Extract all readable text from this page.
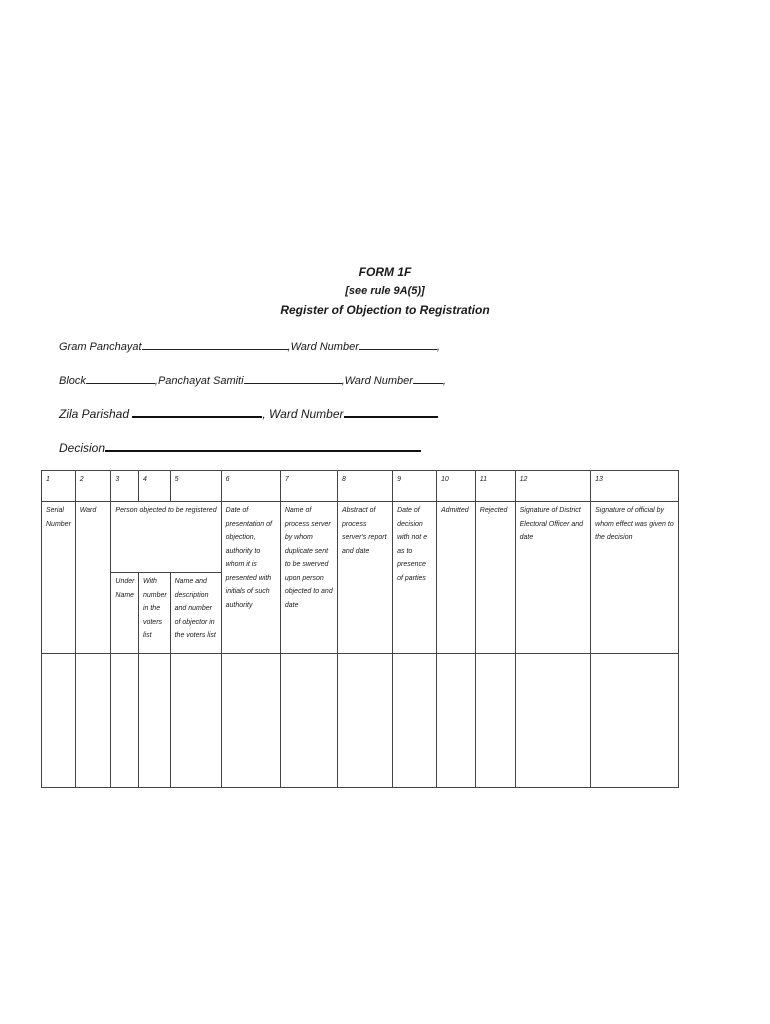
FORM 1F
[see rule 9A(5)]
Register of Objection to Registration
Gram Panchayat	,Ward Number	,
Block	,Panchayat Samiti	,Ward Number	,
Zila Parishad	, Ward Number
Decision
1	2	3	4	5	6	7	8	9	10	11	12	13
Serial Number	Ward	Person objected to be registered			Date of presentation of objection, authority to whom it is presented with initials of such authority	Name of process server by whom duplicate sent to be swerved upon person objected to and date	Abstract of process server's report and date	Date of decision with not e as to presence of parties	Admitted	Rejected	Signature of District Electoral Officer and date	Signature of official by whom effect was given to the decision
		Under Name	With number in the voters list	Name and description and number of objector in the voters list								
